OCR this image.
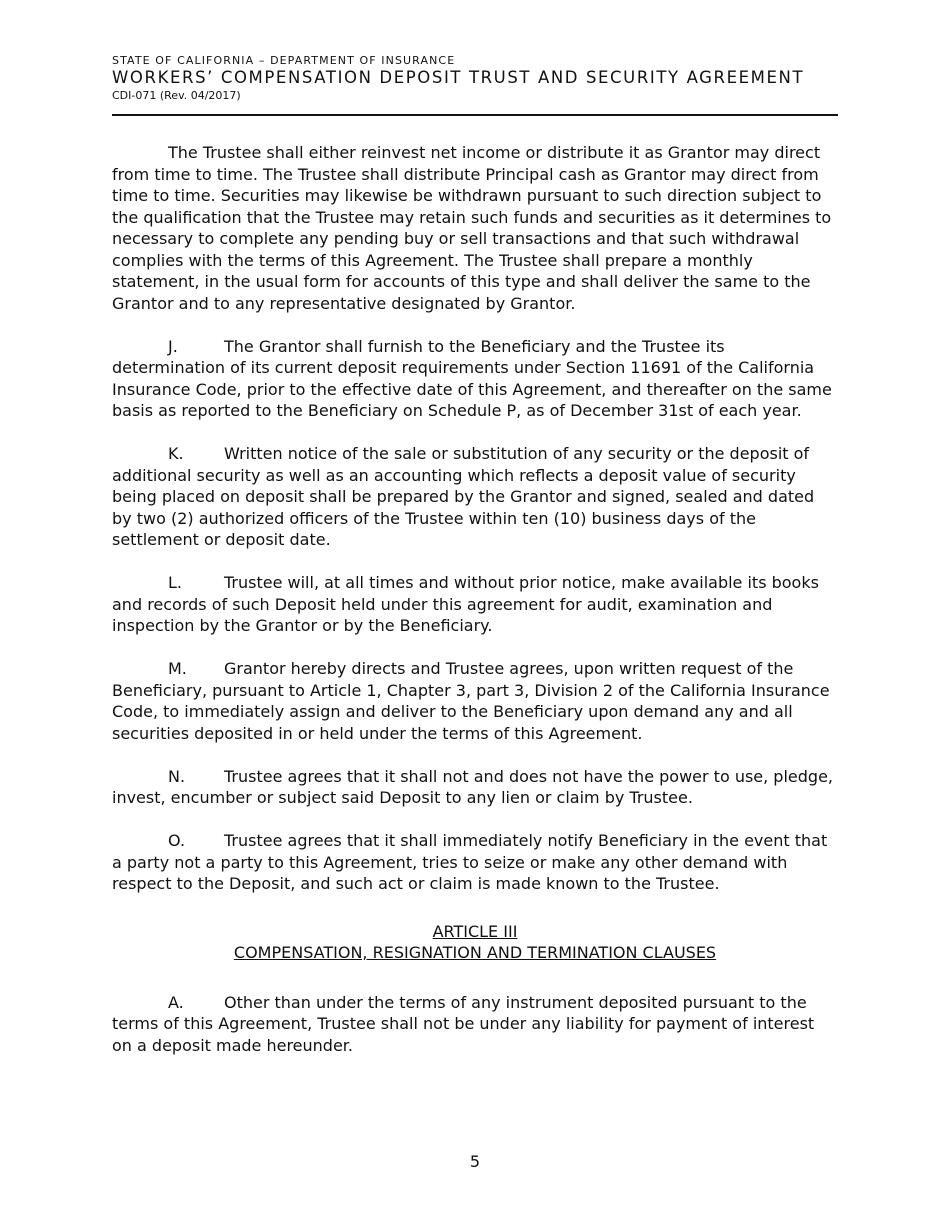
STATE OF CALIFORNIA – DEPARTMENT OF INSURANCE
WORKERS’ COMPENSATION DEPOSIT TRUST AND SECURITY AGREEMENT
CDI-071 (Rev. 04/2017)

The Trustee shall either reinvest net income or distribute it as Grantor may direct from time to time. The Trustee shall distribute Principal cash as Grantor may direct from time to time. Securities may likewise be withdrawn pursuant to such direction subject to the qualification that the Trustee may retain such funds and securities as it determines to necessary to complete any pending buy or sell transactions and that such withdrawal complies with the terms of this Agreement. The Trustee shall prepare a monthly statement, in the usual form for accounts of this type and shall deliver the same to the Grantor and to any representative designated by Grantor.

J.	The Grantor shall furnish to the Beneficiary and the Trustee its determination of its current deposit requirements under Section 11691 of the California Insurance Code, prior to the effective date of this Agreement, and thereafter on the same basis as reported to the Beneficiary on Schedule P, as of December 31st of each year.

K.	Written notice of the sale or substitution of any security or the deposit of additional security as well as an accounting which reflects a deposit value of security being placed on deposit shall be prepared by the Grantor and signed, sealed and dated by two (2) authorized officers of the Trustee within ten (10) business days of the settlement or deposit date.

L.	Trustee will, at all times and without prior notice, make available its books and records of such Deposit held under this agreement for audit, examination and inspection by the Grantor or by the Beneficiary.

M. Grantor hereby directs and Trustee agrees, upon written request of the Beneficiary, pursuant to Article 1, Chapter 3, part 3, Division 2 of the California Insurance Code, to immediately assign and deliver to the Beneficiary upon demand any and all securities deposited in or held under the terms of this Agreement.

N. Trustee agrees that it shall not and does not have the power to use, pledge, invest, encumber or subject said Deposit to any lien or claim by Trustee.

O. Trustee agrees that it shall immediately notify Beneficiary in the event that a party not a party to this Agreement, tries to seize or make any other demand with respect to the Deposit, and such act or claim is made known to the Trustee.

ARTICLE III
COMPENSATION, RESIGNATION AND TERMINATION CLAUSES

A.	Other than under the terms of any instrument deposited pursuant to the terms of this Agreement, Trustee shall not be under any liability for payment of interest on a deposit made hereunder.

5
